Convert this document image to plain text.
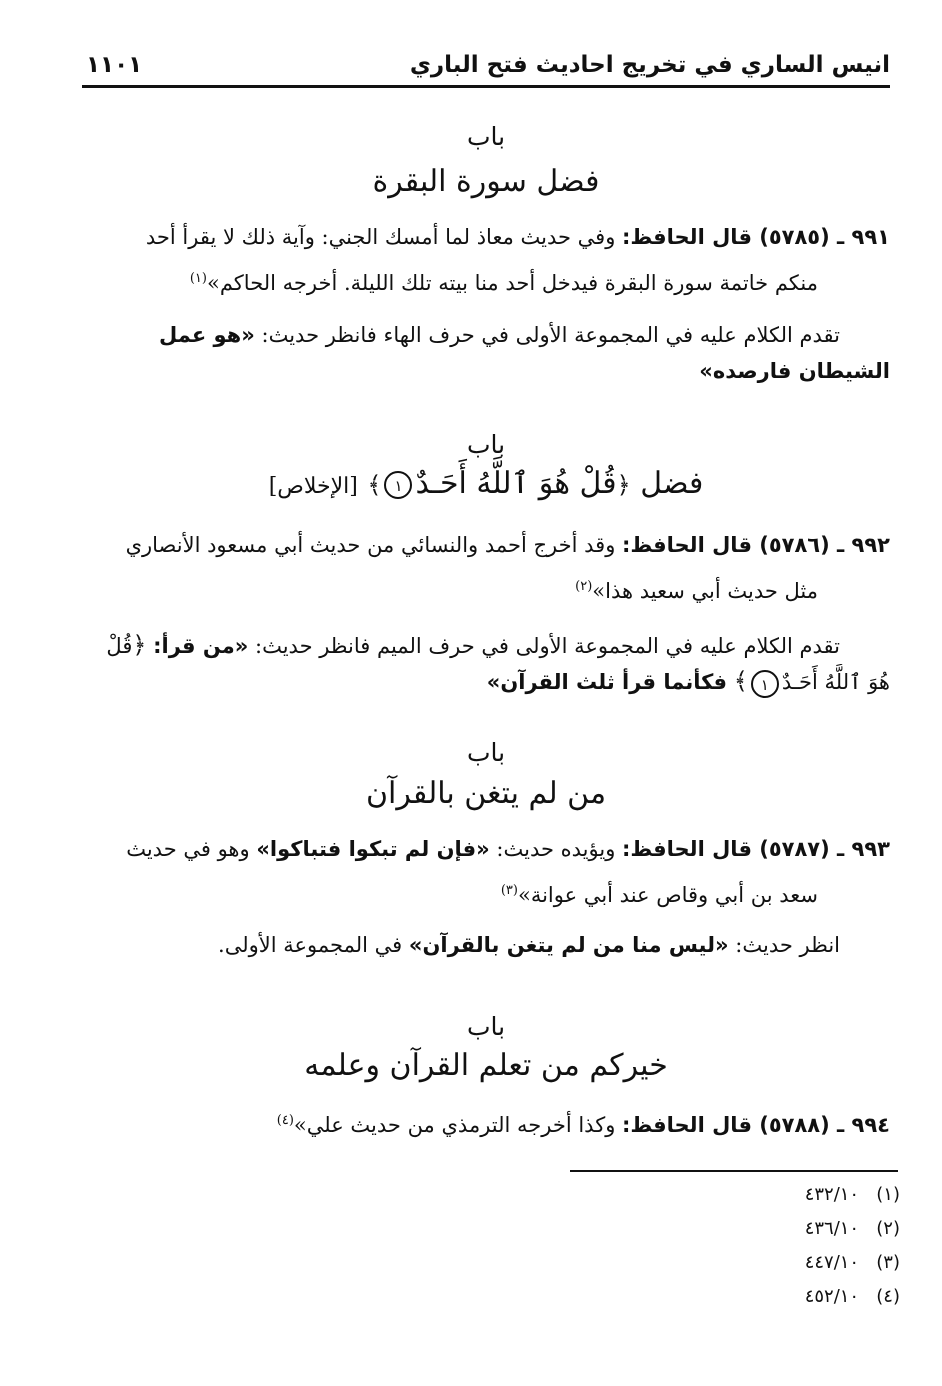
انيس الساري في تخريج احاديث فتح الباري
١١٠١
باب
فضل سورة البقرة
٩٩١ ـ (٥٧٨٥) قال الحافظ: وفي حديث معاذ لما أمسك الجني: وآية ذلك لا يقرأ أحد
منكم خاتمة سورة البقرة فيدخل أحد منا بيته تلك الليلة. أخرجه الحاكم»$^{(١)}$
تقدم الكلام عليه في المجموعة الأولى في حرف الهاء فانظر حديث: «هو عمل
الشيطان فارصده»
باب
فضل ﴿قُلْ هُوَ ٱللَّهُ أَحَـدٌ١﴾ [الإخلاص]
٩٩٢ ـ (٥٧٨٦) قال الحافظ: وقد أخرج أحمد والنسائي من حديث أبي مسعود الأنصاري
مثل حديث أبي سعيد هذا»$^{(٢)}$
تقدم الكلام عليه في المجموعة الأولى في حرف الميم فانظر حديث: «من قرأ: ﴿قُلْ
هُوَ ٱللَّهُ أَحَـدٌ١﴾ فكأنما قرأ ثلث القرآن»
باب
من لم يتغن بالقرآن
٩٩٣ ـ (٥٧٨٧) قال الحافظ: ويؤيده حديث: «فإن لم تبكوا فتباكوا» وهو في حديث
سعد بن أبي وقاص عند أبي عوانة»$^{(٣)}$
انظر حديث: «ليس منا من لم يتغن بالقرآن» في المجموعة الأولى.
باب
خيركم من تعلم القرآن وعلمه
٩٩٤ ـ (٥٧٨٨) قال الحافظ: وكذا أخرجه الترمذي من حديث علي»$^{(٤)}$
(١)   ٤٣٢/١٠
(٢)   ٤٣٦/١٠
(٣)   ٤٤٧/١٠
(٤)   ٤٥٢/١٠
